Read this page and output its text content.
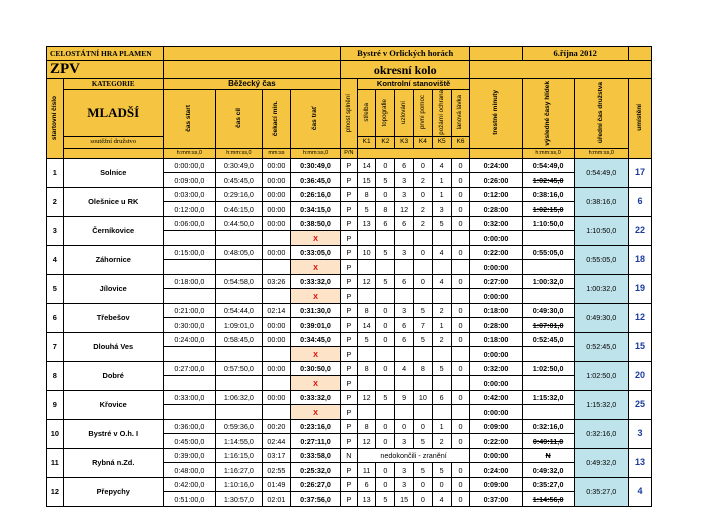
CELOSTÁTNÍ HRA PLAMEN						Bystré v Orlických horách								6.října 2012		
ZPV						okresní kolo										
startovní číslo	KATEGORIE	Běžecký čas				plnost splnění	Kontrolní stanoviště						trestné minuty	výsledné časy hlídek	úřední čas družstva	umístění
	MLADŠÍ	čas start	čas cíl	čekací min.	čas trať		střelba	topografie	uzlování	první pomoc	požární ochrana	lanová lávka				
	soutěžní družstvo						K1	K2	K3	K4	K5	K6				
		h:mm:ss,0	h:mm:ss,0	mm:ss	h:mm:ss,0	P/N								h:mm:ss,0	h:mm:ss,0	
1	Solnice	0:00:00,0	0:30:49,0	00:00	0:30:49,0	P	14	0	6	0	4	0	0:24:00	0:54:49,0	0:54:49,0	17
		0:09:00,0	0:45:45,0	00:00	0:36:45,0	P	15	5	3	2	1	0	0:26:00	1:02:45,0		
2	Olešnice u RK	0:03:00,0	0:29:16,0	00:00	0:26:16,0	P	8	0	3	0	1	0	0:12:00	0:38:16,0	0:38:16,0	6
		0:12:00,0	0:46:15,0	00:00	0:34:15,0	P	5	8	12	2	3	0	0:28:00	1:02:15,0		
3	Černíkovice	0:06:00,0	0:44:50,0	00:00	0:38:50,0	P	13	6	6	2	5	0	0:32:00	1:10:50,0	1:10:50,0	22
					X	P							0:00:00			
4	Záhornice	0:15:00,0	0:48:05,0	00:00	0:33:05,0	P	10	5	3	0	4	0	0:22:00	0:55:05,0	0:55:05,0	18
					X	P							0:00:00			
5	Jílovice	0:18:00,0	0:54:58,0	03:26	0:33:32,0	P	12	5	6	0	4	0	0:27:00	1:00:32,0	1:00:32,0	19
					X	P							0:00:00			
6	Třebešov	0:21:00,0	0:54:44,0	02:14	0:31:30,0	P	8	0	3	5	2	0	0:18:00	0:49:30,0	0:49:30,0	12
		0:30:00,0	1:09:01,0	00:00	0:39:01,0	P	14	0	6	7	1	0	0:28:00	1:07:01,0		
7	Dlouhá Ves	0:24:00,0	0:58:45,0	00:00	0:34:45,0	P	5	0	6	5	2	0	0:18:00	0:52:45,0	0:52:45,0	15
					X	P							0:00:00			
8	Dobré	0:27:00,0	0:57:50,0	00:00	0:30:50,0	P	8	0	4	8	5	0	0:32:00	1:02:50,0	1:02:50,0	20
					X	P							0:00:00			
9	Křovice	0:33:00,0	1:06:32,0	00:00	0:33:32,0	P	12	5	9	10	6	0	0:42:00	1:15:32,0	1:15:32,0	25
					X	P							0:00:00			
10	Bystré v O.h. I	0:36:00,0	0:59:36,0	00:20	0:23:16,0	P	8	0	0	0	1	0	0:09:00	0:32:16,0	0:32:16,0	3
		0:45:00,0	1:14:55,0	02:44	0:27:11,0	P	12	0	3	5	2	0	0:22:00	0:49:11,0		
11	Rybná n.Zd.	0:39:00,0	1:16:15,0	03:17	0:33:58,0	N	nedokončili - zranění						0:00:00	N	0:49:32,0	13
		0:48:00,0	1:16:27,0	02:55	0:25:32,0	P	11	0	3	5	5	0	0:24:00	0:49:32,0		
12	Přepychy	0:42:00,0	1:10:16,0	01:49	0:26:27,0	P	6	0	3	0	0	0	0:09:00	0:35:27,0	0:35:27,0	4
		0:51:00,0	1:30:57,0	02:01	0:37:56,0	P	13	5	15	0	4	0	0:37:00	1:14:56,0		
